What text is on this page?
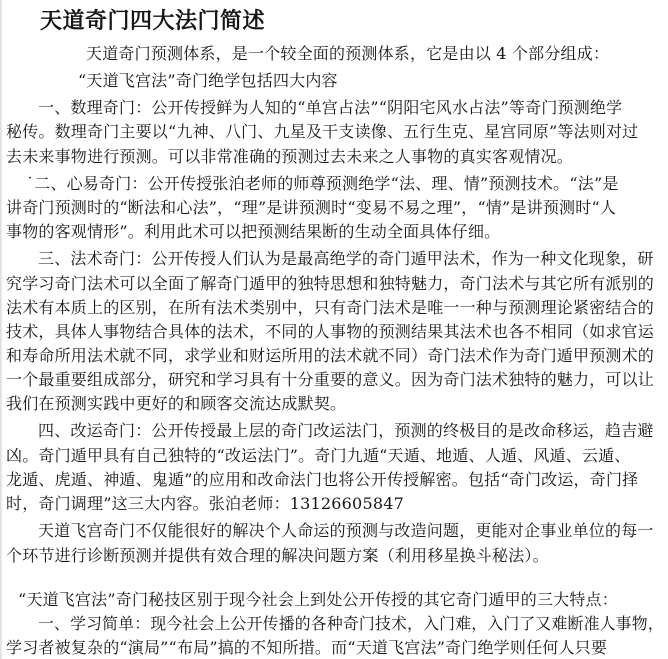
天道奇门四大法门简述
天道奇门预测体系，是一个较全面的预测体系，它是由以 4 个部分组成：
“天道飞宫法”奇门绝学包括四大内容
一、数理奇门：公开传授鲜为人知的“单宫占法”“阴阳宅风水占法”等奇门预测绝学
秘传。数理奇门主要以“九神、八门、九星及干支读像、五行生克、星宫同原”等法则对过
去未来事物进行预测。可以非常准确的预测过去未来之人事物的真实客观情况。
˙二、心易奇门：公开传授张泊老师的师尊预测绝学“法、理、情”预测技术。“法”是
讲奇门预测时的“断法和心法”，“理”是讲预测时“变易不易之理”，“情”是讲预测时“人
事物的客观情形”。利用此术可以把预测结果断的生动全面具体仔细。
三、法术奇门：公开传授人们认为是最高绝学的奇门遁甲法术，作为一种文化现象，研
究学习奇门法术可以全面了解奇门遁甲的独特思想和独特魅力，奇门法术与其它所有派别的
法术有本质上的区别，在所有法术类别中，只有奇门法术是唯一一种与预测理论紧密结合的
技术，具体人事物结合具体的法术，不同的人事物的预测结果其法术也各不相同（如求官运
和寿命所用法术就不同，求学业和财运所用的法术就不同）奇门法术作为奇门遁甲预测术的
一个最重要组成部分，研究和学习具有十分重要的意义。因为奇门法术独特的魅力，可以让
我们在预测实践中更好的和顾客交流达成默契。
四、改运奇门：公开传授最上层的奇门改运法门，预测的终极目的是改命移运，趋吉避
凶。奇门遁甲具有自己独特的“改运法门”。奇门九遁“天遁、地遁、人遁、风遁、云遁、
龙遁、虎遁、神遁、鬼遁”的应用和改命法门也将公开传授解密。包括“奇门改运，奇门择
时，奇门调理”这三大内容。张泊老师：13126605847
天道飞宫奇门不仅能很好的解决个人命运的预测与改造问题，更能对企事业单位的每一
个环节进行诊断预测并提供有效合理的解决问题方案（利用移星换斗秘法）。
“天道飞宫法”奇门秘技区别于现今社会上到处公开传授的其它奇门遁甲的三大特点：
一、学习简单：现今社会上公开传播的各种奇门技术，入门难，入门了又难断准人事物，
学习者被复杂的“演局”“布局”搞的不知所措。而“天道飞宫法”奇门绝学则任何人只要
